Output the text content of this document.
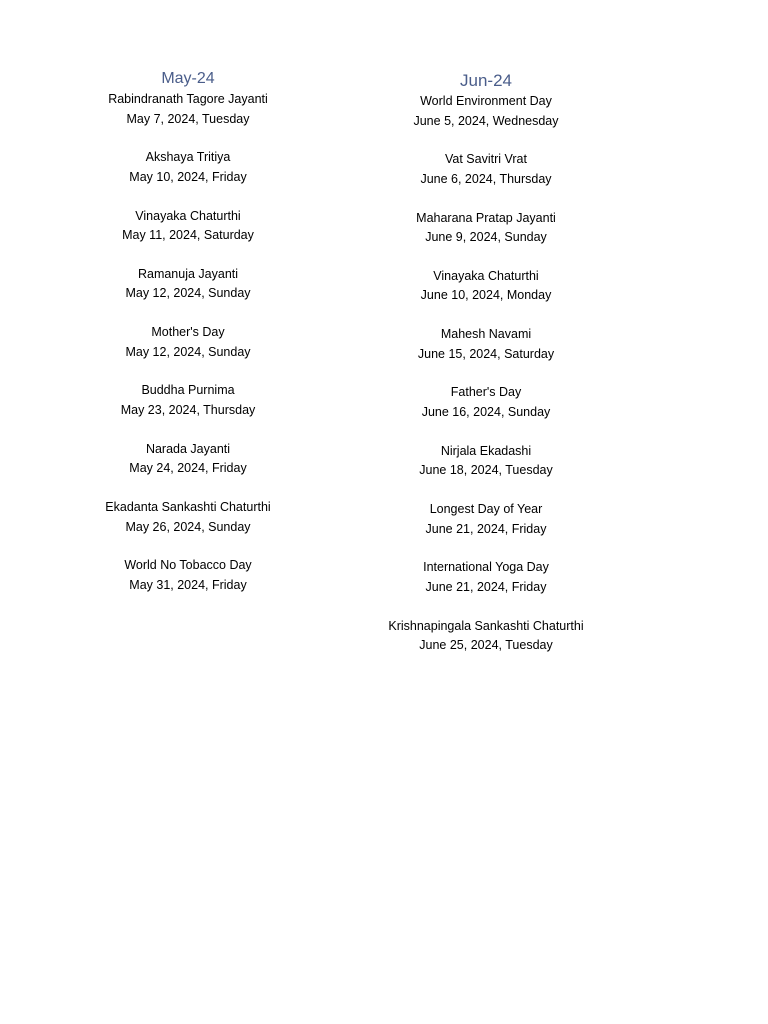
May-24
Rabindranath Tagore Jayanti
May 7, 2024, Tuesday
Akshaya Tritiya
May 10, 2024, Friday
Vinayaka Chaturthi
May 11, 2024, Saturday
Ramanuja Jayanti
May 12, 2024, Sunday
Mother's Day
May 12, 2024, Sunday
Buddha Purnima
May 23, 2024, Thursday
Narada Jayanti
May 24, 2024, Friday
Ekadanta Sankashti Chaturthi
May 26, 2024, Sunday
World No Tobacco Day
May 31, 2024, Friday
Jun-24
World Environment Day
June 5, 2024, Wednesday
Vat Savitri Vrat
June 6, 2024, Thursday
Maharana Pratap Jayanti
June 9, 2024, Sunday
Vinayaka Chaturthi
June 10, 2024, Monday
Mahesh Navami
June 15, 2024, Saturday
Father's Day
June 16, 2024, Sunday
Nirjala Ekadashi
June 18, 2024, Tuesday
Longest Day of Year
June 21, 2024, Friday
International Yoga Day
June 21, 2024, Friday
Krishnapingala Sankashti Chaturthi
June 25, 2024, Tuesday
